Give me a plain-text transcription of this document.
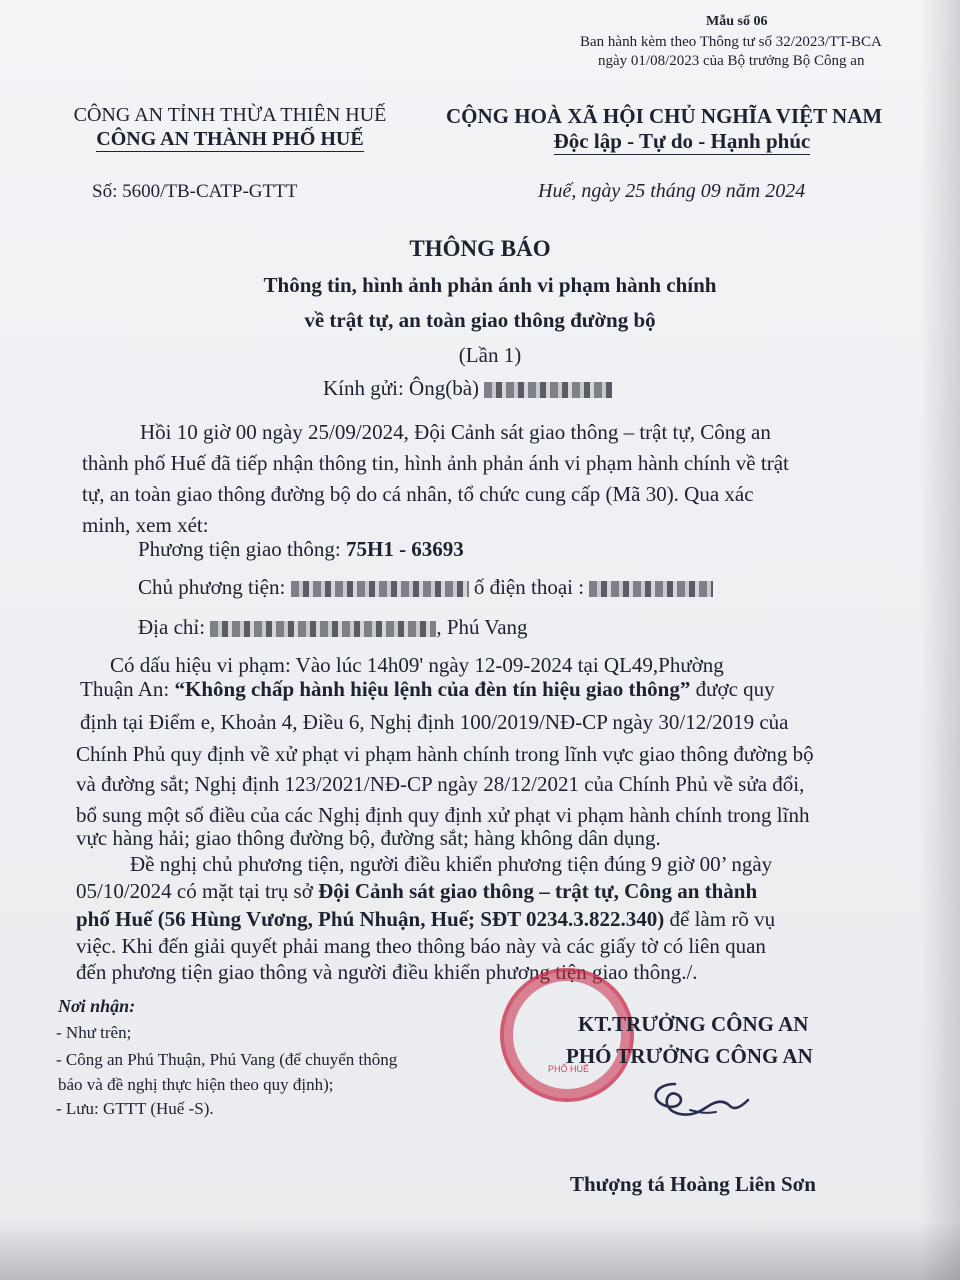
Mẫu số 06
Ban hành kèm theo Thông tư số 32/2023/TT-BCA
ngày 01/08/2023 của Bộ trưởng Bộ Công an
CÔNG AN TỈNH THỪA THIÊN HUẾ
CÔNG AN THÀNH PHỐ HUẾ
Số: 5600/TB-CATP-GTTT
CỘNG HOÀ XÃ HỘI CHỦ NGHĨA VIỆT NAM
Độc lập - Tự do - Hạnh phúc
Huế, ngày 25 tháng 09 năm 2024
THÔNG BÁO
Thông tin, hình ảnh phản ánh vi phạm hành chính
về trật tự, an toàn giao thông đường bộ
(Lần 1)
Kính gửi: Ông(bà)
Hồi 10 giờ 00 ngày 25/09/2024, Đội Cảnh sát giao thông – trật tự, Công an
thành phố Huế đã tiếp nhận thông tin, hình ảnh phản ánh vi phạm hành chính về trật
tự, an toàn giao thông đường bộ do cá nhân, tổ chức cung cấp (Mã 30). Qua xác
minh, xem xét:
Phương tiện giao thông: 75H1 - 63693
Chủ phương tiện:	ố điện thoại :
Địa chỉ:	, Phú Vang
Có dấu hiệu vi phạm: Vào lúc 14h09' ngày 12-09-2024 tại QL49,Phường
Thuận An: “Không chấp hành hiệu lệnh của đèn tín hiệu giao thông” được quy
định tại Điểm e, Khoản 4, Điều 6, Nghị định 100/2019/NĐ-CP ngày 30/12/2019 của
Chính Phủ quy định về xử phạt vi phạm hành chính trong lĩnh vực giao thông đường bộ
và đường sắt; Nghị định 123/2021/NĐ-CP ngày 28/12/2021 của Chính Phủ về sửa đổi,
bổ sung một số điều của các Nghị định quy định xử phạt vi phạm hành chính trong lĩnh
vực hàng hải; giao thông đường bộ, đường sắt; hàng không dân dụng.
Đề nghị chủ phương tiện, người điều khiển phương tiện đúng 9 giờ 00’ ngày
05/10/2024 có mặt tại trụ sở Đội Cảnh sát giao thông – trật tự, Công an thành
phố Huế (56 Hùng Vương, Phú Nhuận, Huế; SĐT 0234.3.822.340) để làm rõ vụ
việc. Khi đến giải quyết phải mang theo thông báo này và các giấy tờ có liên quan
đến phương tiện giao thông và người điều khiển phương tiện giao thông./.
Nơi nhận:
- Như trên;
- Công an Phú Thuận, Phú Vang (để chuyển thông
báo và đề nghị thực hiện theo quy định);
- Lưu: GTTT (Huế -S).
PHỐ HUẾ
KT.TRƯỞNG CÔNG AN
PHÓ TRƯỞNG CÔNG AN
Thượng tá Hoàng Liên Sơn
